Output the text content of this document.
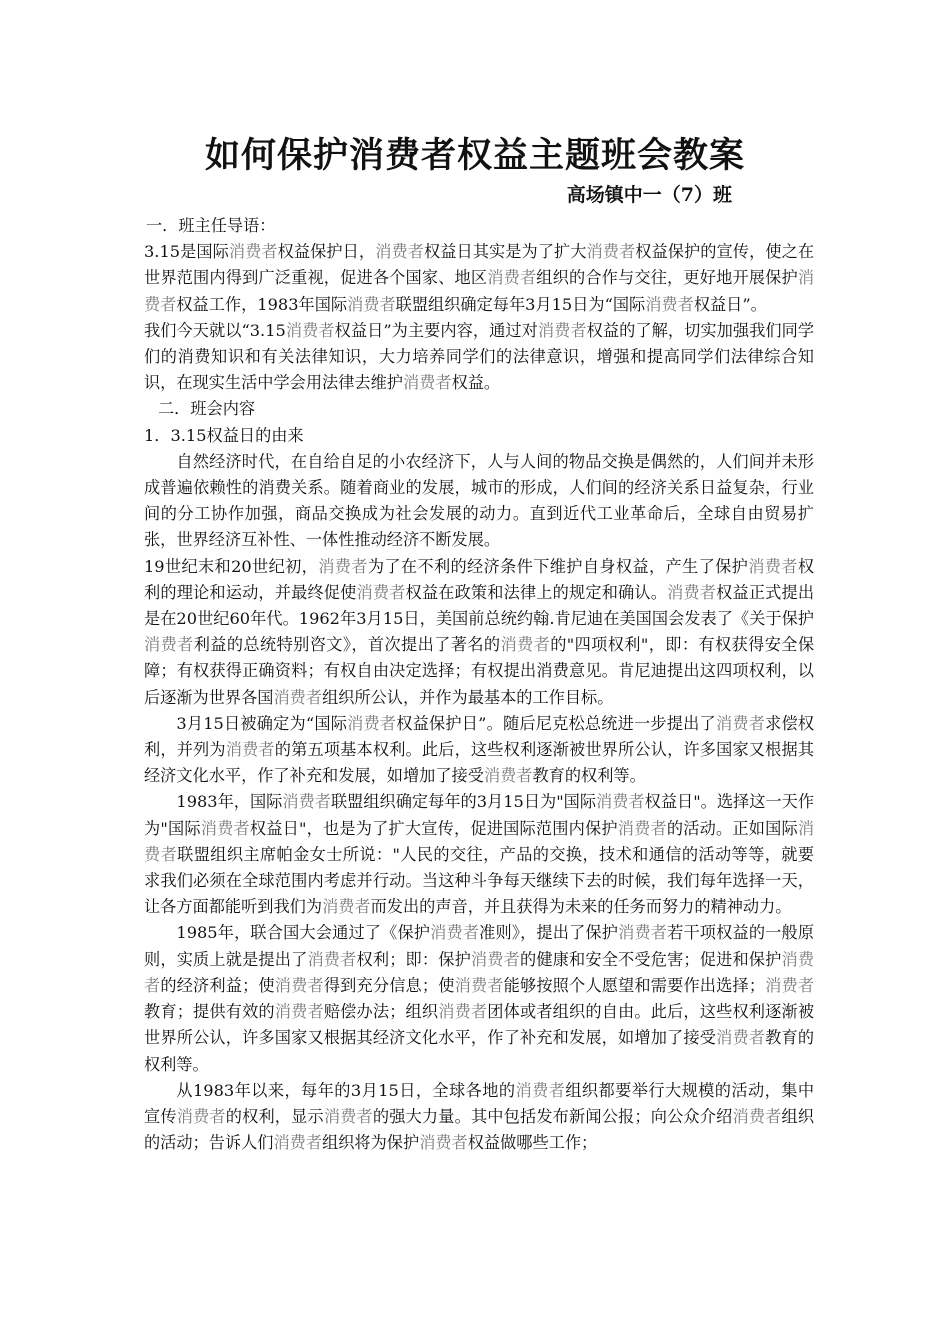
如何保护消费者权益主题班会教案
高场镇中一（7）班

一．班主任导语：

3.15是国际消费者权益保护日，消费者权益日其实是为了扩大消费者权益保护的宣传，使之在世界范围内得到广泛重视，促进各个国家、地区消费者组织的合作与交往，更好地开展保护消费者权益工作，1983年国际消费者联盟组织确定每年3月15日为“国际消费者权益日”。

我们今天就以“3.15消费者权益日”为主要内容，通过对消费者权益的了解，切实加强我们同学们的消费知识和有关法律知识，大力培养同学们的法律意识，增强和提高同学们法律综合知识，在现实生活中学会用法律去维护消费者权益。

二．班会内容

1．3.15权益日的由来

自然经济时代，在自给自足的小农经济下，人与人间的物品交换是偶然的，人们间并未形成普遍依赖性的消费关系。随着商业的发展，城市的形成，人们间的经济关系日益复杂，行业间的分工协作加强，商品交换成为社会发展的动力。直到近代工业革命后，全球自由贸易扩张，世界经济互补性、一体性推动经济不断发展。

19世纪末和20世纪初，消费者为了在不利的经济条件下维护自身权益，产生了保护消费者权利的理论和运动，并最终促使消费者权益在政策和法律上的规定和确认。消费者权益正式提出是在20世纪60年代。1962年3月15日，美国前总统约翰.肯尼迪在美国国会发表了《关于保护消费者利益的总统特别咨文》，首次提出了著名的消费者的"四项权利"，即：有权获得安全保障；有权获得正确资料；有权自由决定选择；有权提出消费意见。肯尼迪提出这四项权利，以后逐渐为世界各国消费者组织所公认，并作为最基本的工作目标。

3月15日被确定为“国际消费者权益保护日”。随后尼克松总统进一步提出了消费者求偿权利，并列为消费者的第五项基本权利。此后，这些权利逐渐被世界所公认，许多国家又根据其经济文化水平，作了补充和发展，如增加了接受消费者教育的权利等。

1983年，国际消费者联盟组织确定每年的3月15日为"国际消费者权益日"。选择这一天作为"国际消费者权益日"，也是为了扩大宣传，促进国际范围内保护消费者的活动。正如国际消费者联盟组织主席帕金女士所说："人民的交往，产品的交换，技术和通信的活动等等，就要求我们必须在全球范围内考虑并行动。当这种斗争每天继续下去的时候，我们每年选择一天，让各方面都能听到我们为消费者而发出的声音，并且获得为未来的任务而努力的精神动力。

1985年，联合国大会通过了《保护消费者准则》，提出了保护消费者若干项权益的一般原则，实质上就是提出了消费者权利；即：保护消费者的健康和安全不受危害；促进和保护消费者的经济利益；使消费者得到充分信息；使消费者能够按照个人愿望和需要作出选择；消费者教育；提供有效的消费者赔偿办法；组织消费者团体或者组织的自由。此后，这些权利逐渐被世界所公认，许多国家又根据其经济文化水平，作了补充和发展，如增加了接受消费者教育的权利等。

从1983年以来，每年的3月15日，全球各地的消费者组织都要举行大规模的活动，集中宣传消费者的权利，显示消费者的强大力量。其中包括发布新闻公报；向公众介绍消费者组织的活动；告诉人们消费者组织将为保护消费者权益做哪些工作；
